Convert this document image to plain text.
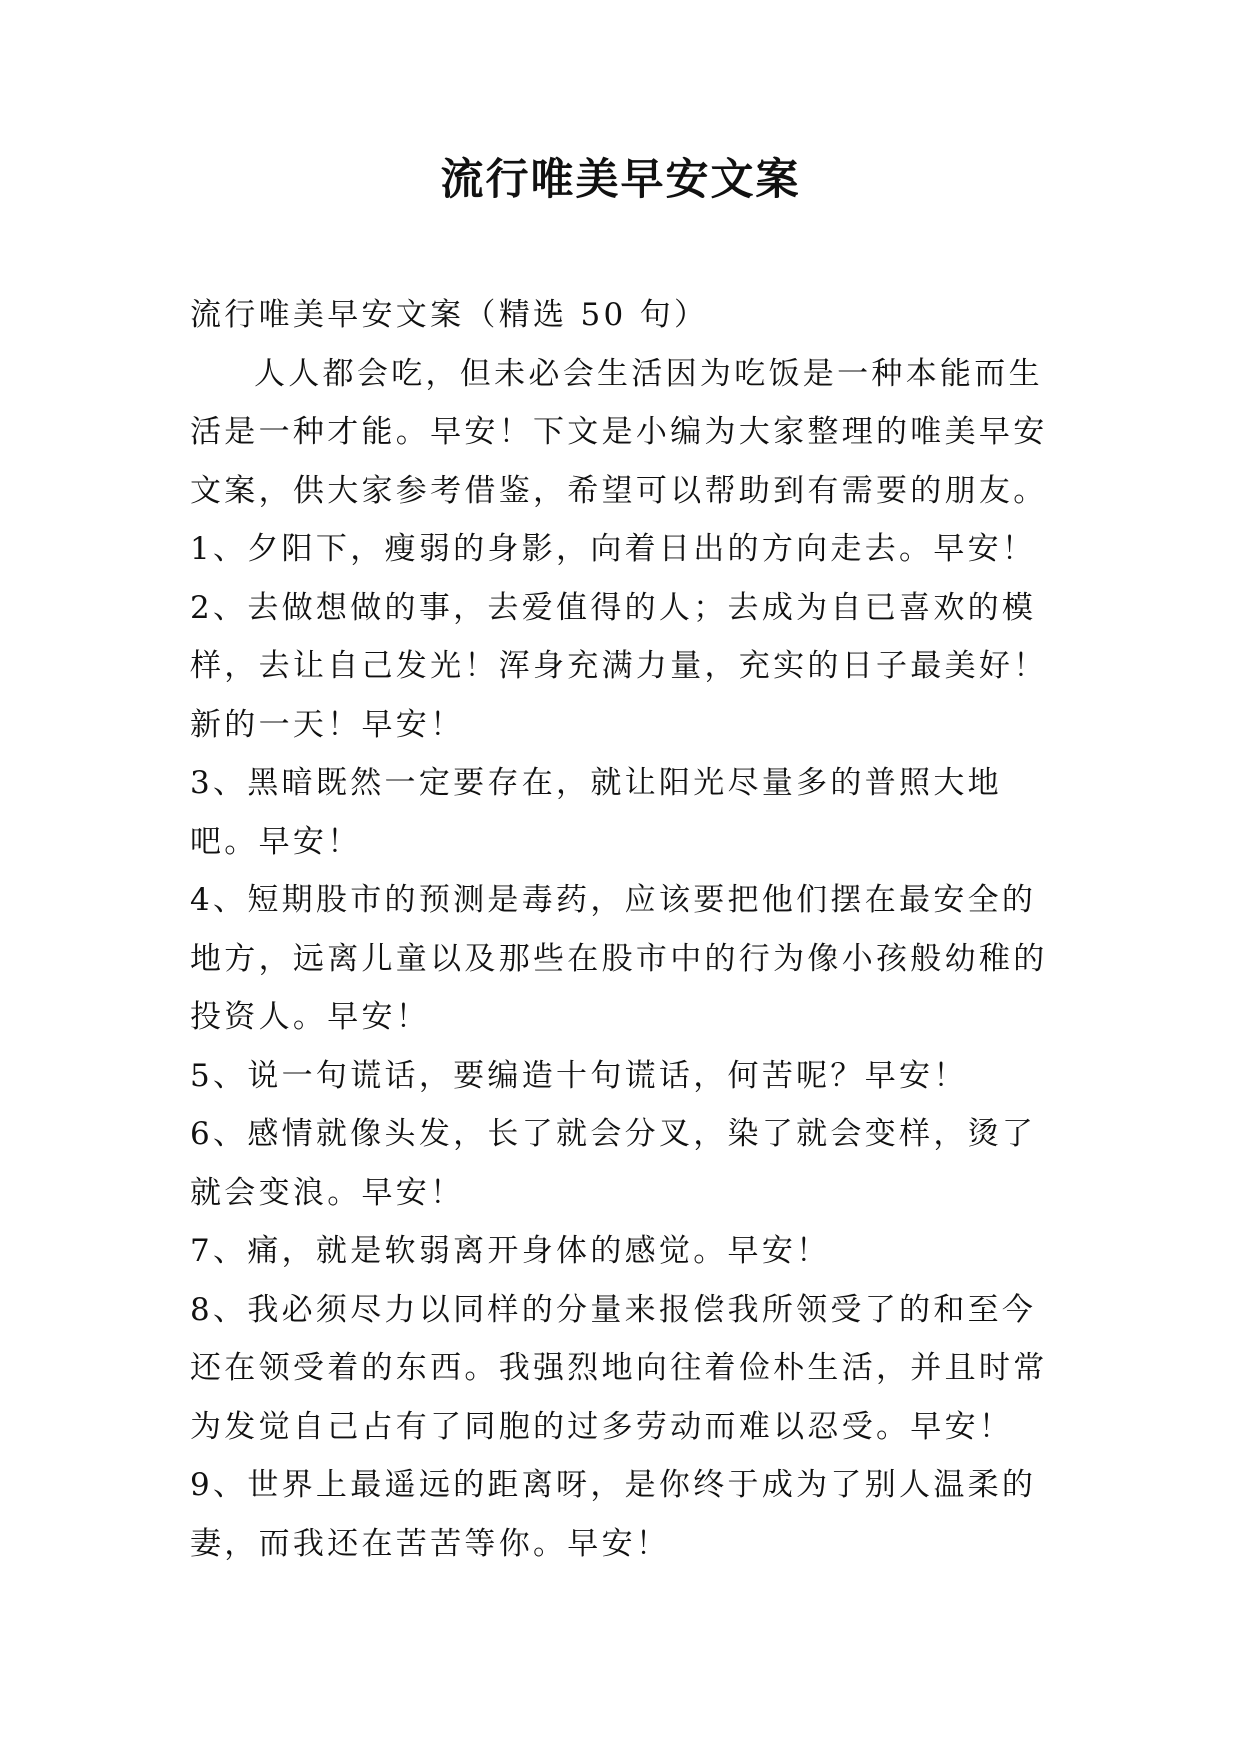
流行唯美早安文案

流行唯美早安文案（精选 50 句）

人人都会吃，但未必会生活因为吃饭是一种本能而生活是一种才能。早安！下文是小编为大家整理的唯美早安文案，供大家参考借鉴，希望可以帮助到有需要的朋友。

1、夕阳下，瘦弱的身影，向着日出的方向走去。早安！

2、去做想做的事，去爱值得的人；去成为自已喜欢的模样，去让自己发光！浑身充满力量，充实的日子最美好！新的一天！早安！

3、黑暗既然一定要存在，就让阳光尽量多的普照大地吧。早安！

4、短期股市的预测是毒药，应该要把他们摆在最安全的地方，远离儿童以及那些在股市中的行为像小孩般幼稚的投资人。早安！

5、说一句谎话，要编造十句谎话，何苦呢？早安！

6、感情就像头发，长了就会分叉，染了就会变样，烫了就会变浪。早安！

7、痛，就是软弱离开身体的感觉。早安！

8、我必须尽力以同样的分量来报偿我所领受了的和至今还在领受着的东西。我强烈地向往着俭朴生活，并且时常为发觉自己占有了同胞的过多劳动而难以忍受。早安！

9、世界上最遥远的距离呀，是你终于成为了别人温柔的妻，而我还在苦苦等你。早安！
